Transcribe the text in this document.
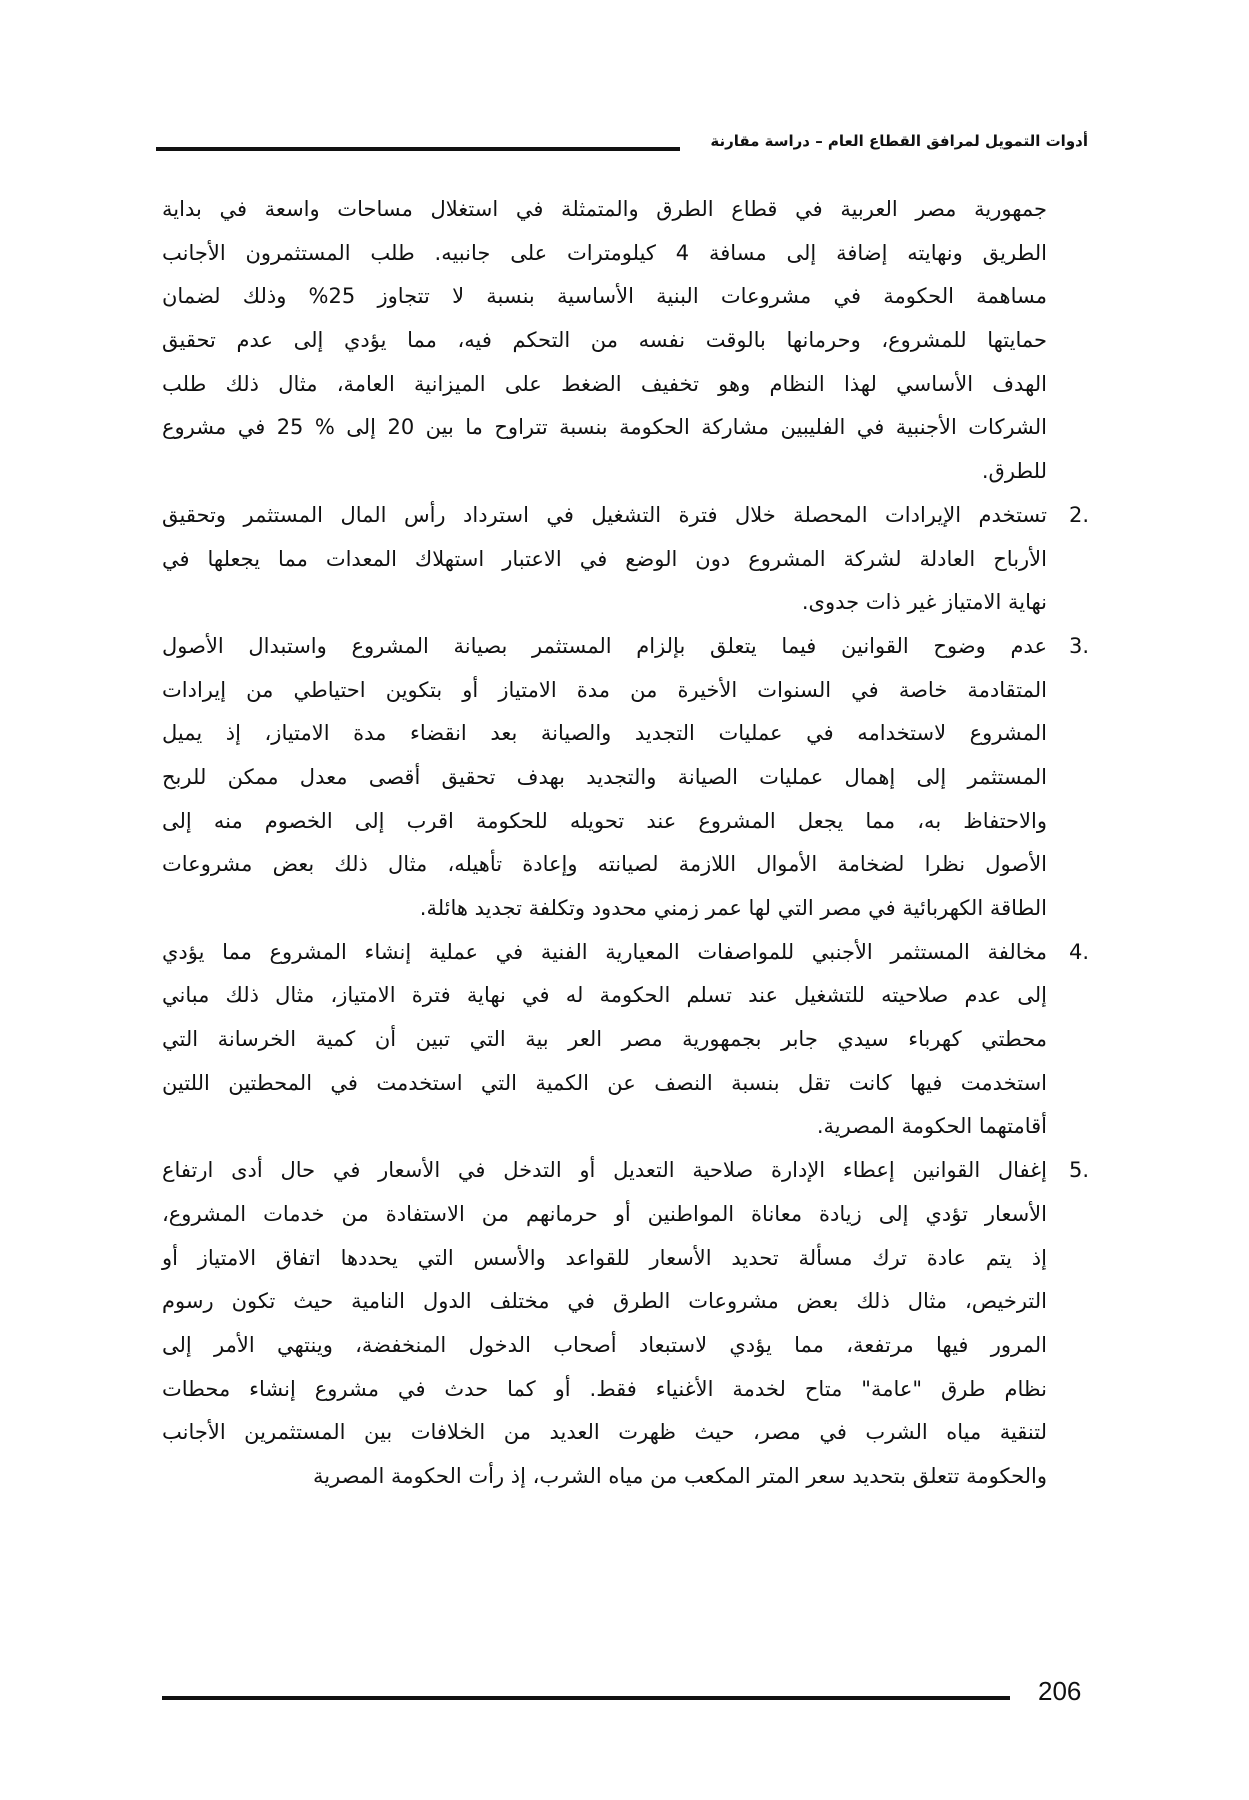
أدوات التمويل لمرافق القطاع العام – دراسة مقارنة
جمهورية مصر العربية في قطاع الطرق والمتمثلة في استغلال مساحات واسعة في بداية
الطريق ونهايته إضافة إلى مسافة 4 كيلومترات على جانبيه. طلب المستثمرون الأجانب
مساهمة الحكومة في مشروعات البنية الأساسية بنسبة لا تتجاوز 25% وذلك لضمان
حمايتها للمشروع، وحرمانها بالوقت نفسه من التحكم فيه، مما يؤدي إلى عدم تحقيق
الهدف الأساسي لهذا النظام وهو تخفيف الضغط على الميزانية العامة، مثال ذلك طلب
الشركات الأجنبية في الفليبين مشاركة الحكومة بنسبة تتراوح ما بين 20 إلى % 25 في مشروع
للطرق.
تستخدم الإيرادات المحصلة خلال فترة التشغيل في استرداد رأس المال المستثمر وتحقيق 2.
الأرباح العادلة لشركة المشروع دون الوضع في الاعتبار استهلاك المعدات مما يجعلها في
نهاية الامتياز غير ذات جدوى.
عدم وضوح القوانين فيما يتعلق بإلزام المستثمر بصيانة المشروع واستبدال الأصول 3.
المتقادمة خاصة في السنوات الأخيرة من مدة الامتياز أو بتكوين احتياطي من إيرادات
المشروع لاستخدامه في عمليات التجديد والصيانة بعد انقضاء مدة الامتياز، إذ يميل
المستثمر إلى إهمال عمليات الصيانة والتجديد بهدف تحقيق أقصى معدل ممكن للربح
والاحتفاظ به، مما يجعل المشروع عند تحويله للحكومة اقرب إلى الخصوم منه إلى
الأصول نظرا لضخامة الأموال اللازمة لصيانته وإعادة تأهيله، مثال ذلك بعض مشروعات
الطاقة الكهربائية في مصر التي لها عمر زمني محدود وتكلفة تجديد هائلة.
مخالفة المستثمر الأجنبي للمواصفات المعيارية الفنية في عملية إنشاء المشروع مما يؤدي 4.
إلى عدم صلاحيته للتشغيل عند تسلم الحكومة له في نهاية فترة الامتياز، مثال ذلك مباني
محطتي كهرباء سيدي جابر بجمهورية مصر العر بية التي تبين أن كمية الخرسانة التي
استخدمت فيها كانت تقل بنسبة النصف عن الكمية التي استخدمت في المحطتين اللتين
أقامتهما الحكومة المصرية.
إغفال القوانين إعطاء الإدارة صلاحية التعديل أو التدخل في الأسعار في حال أدى ارتفاع 5.
الأسعار تؤدي إلى زيادة معاناة المواطنين أو حرمانهم من الاستفادة من خدمات المشروع،
إذ يتم عادة ترك مسألة تحديد الأسعار للقواعد والأسس التي يحددها اتفاق الامتياز أو
الترخيص، مثال ذلك بعض مشروعات الطرق في مختلف الدول النامية حيث تكون رسوم
المرور فيها مرتفعة، مما يؤدي لاستبعاد أصحاب الدخول المنخفضة، وينتهي الأمر إلى
نظام طرق "عامة" متاح لخدمة الأغنياء فقط. أو كما حدث في مشروع إنشاء محطات
لتنقية مياه الشرب في مصر، حيث ظهرت العديد من الخلافات بين المستثمرين الأجانب
والحكومة تتعلق بتحديد سعر المتر المكعب من مياه الشرب، إذ رأت الحكومة المصرية
206
